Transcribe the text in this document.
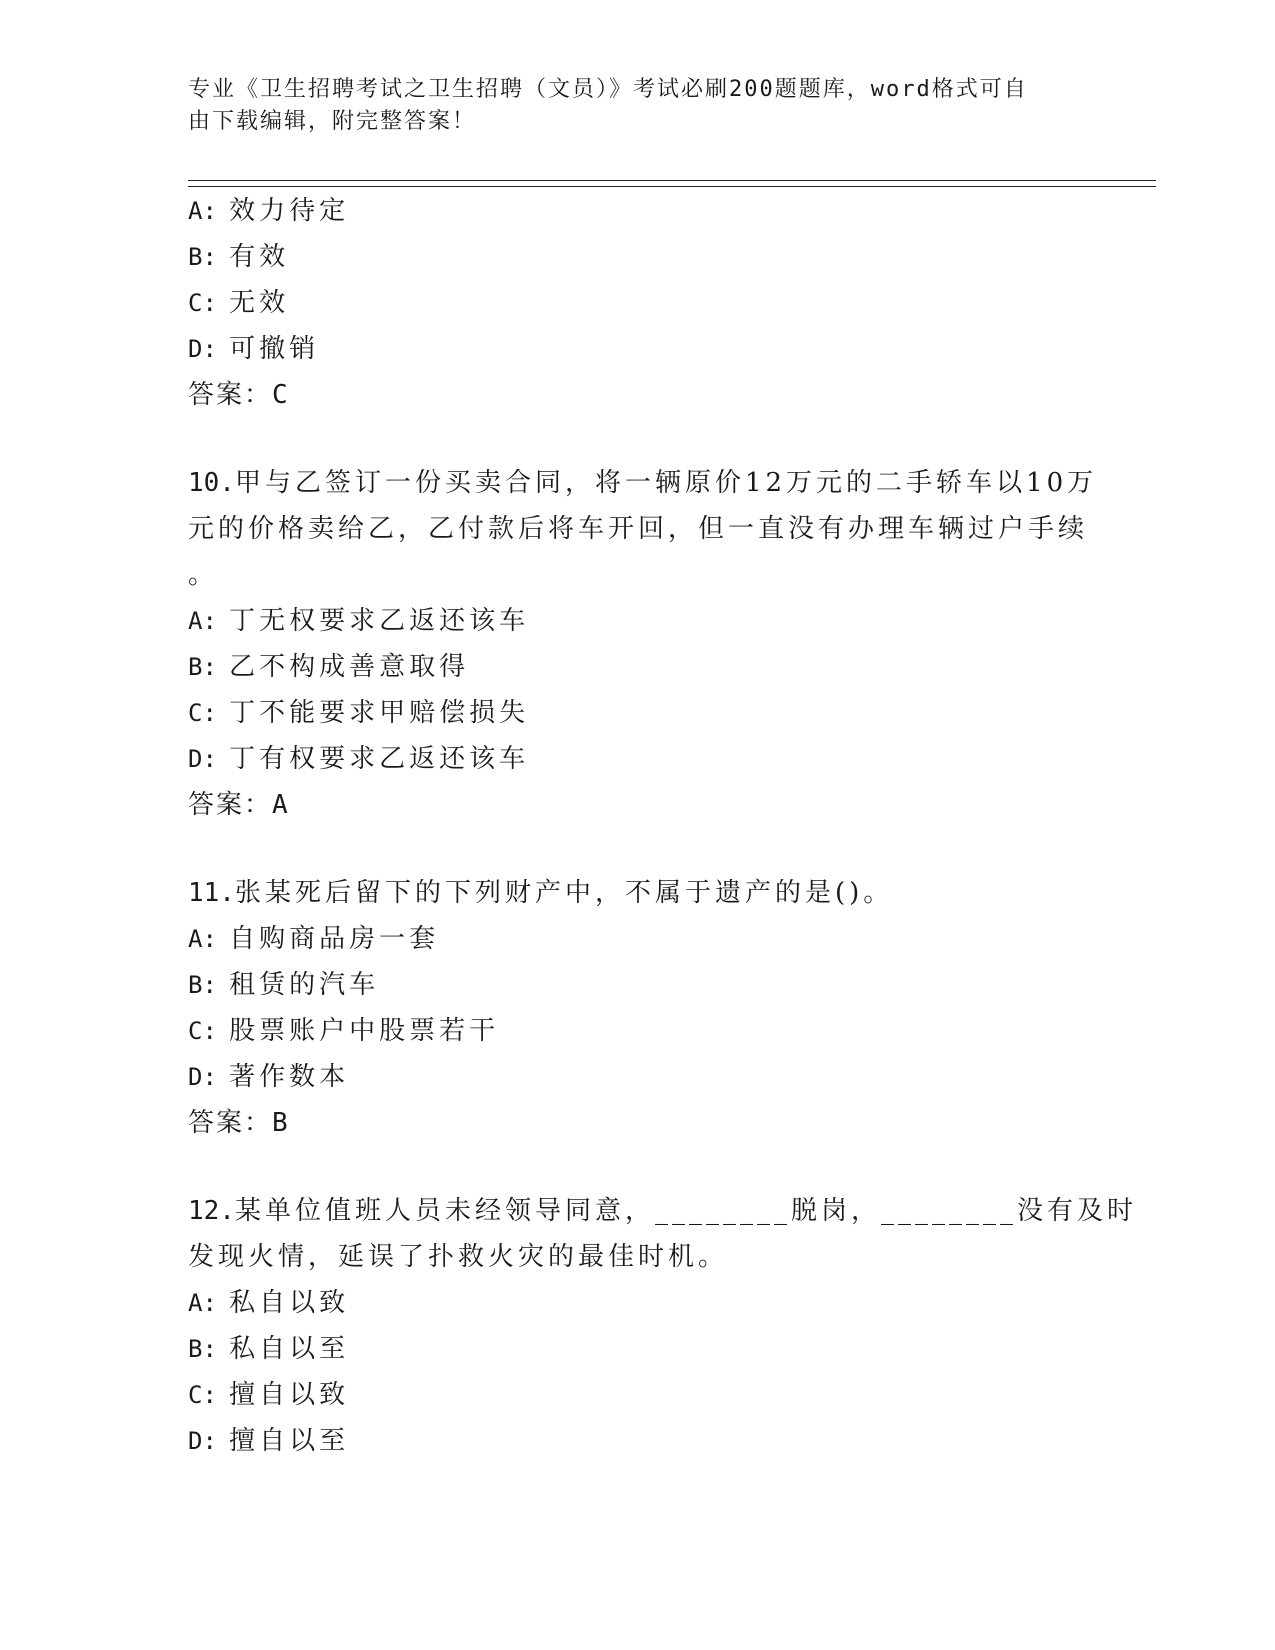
专业《卫生招聘考试之卫生招聘（文员）》考试必刷200题题库，word格式可自
由下载编辑，附完整答案！
A: 效力待定
B: 有效
C: 无效
D: 可撤销
答案：C
10.甲与乙签订一份买卖合同，将一辆原价12万元的二手轿车以10万
元的价格卖给乙，乙付款后将车开回，但一直没有办理车辆过户手续
。
A: 丁无权要求乙返还该车
B: 乙不构成善意取得
C: 丁不能要求甲赔偿损失
D: 丁有权要求乙返还该车
答案：A
11.张某死后留下的下列财产中，不属于遗产的是()。
A: 自购商品房一套
B: 租赁的汽车
C: 股票账户中股票若干
D: 著作数本
答案：B
12.某单位值班人员未经领导同意，________脱岗，________没有及时
发现火情，延误了扑救火灾的最佳时机。
A: 私自以致
B: 私自以至
C: 擅自以致
D: 擅自以至
